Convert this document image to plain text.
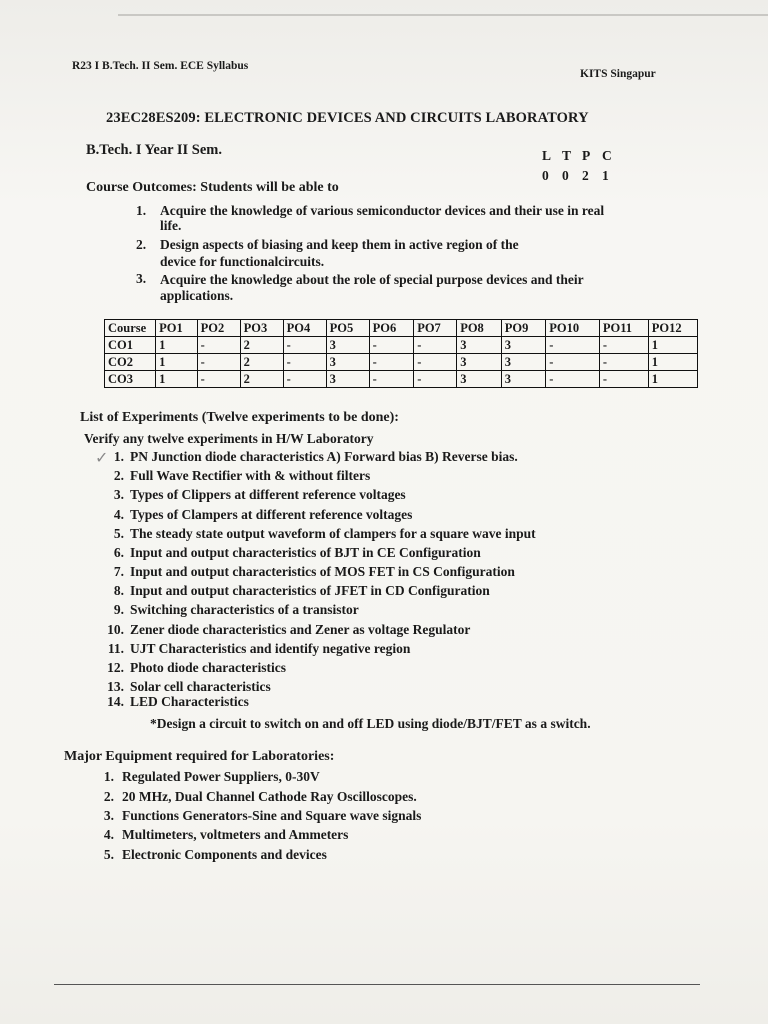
R23 I B.Tech. II Sem. ECE Syllabus
KITS Singapur
23EC28ES209: ELECTRONIC DEVICES AND CIRCUITS LABORATORY
B.Tech. I Year II Sem.	L T P C
0 0 2 1
Course Outcomes: Students will be able to
1. Acquire the knowledge of various semiconductor devices and their use in real
life.
2. Design aspects of biasing and keep them in active region of the
device for functionalcircuits.
3. Acquire the knowledge about the role of special purpose devices and their
applications.
Course	PO1	PO2	PO3	PO4	PO5	PO6	PO7	PO8	PO9	PO10	PO11	PO12
CO1	1	-	2	-	3	-	-	3	3	-	-	1
CO2	1	-	2	-	3	-	-	3	3	-	-	1
CO3	1	-	2	-	3	-	-	3	3	-	-	1
List of Experiments (Twelve experiments to be done):
Verify any twelve experiments in H/W Laboratory
✓ 1. PN Junction diode characteristics A) Forward bias B) Reverse bias.
2. Full Wave Rectifier with & without filters
3. Types of Clippers at different reference voltages
4. Types of Clampers at different reference voltages
5. The steady state output waveform of clampers for a square wave input
6. Input and output characteristics of BJT in CE Configuration
7. Input and output characteristics of MOS FET in CS Configuration
8. Input and output characteristics of JFET in CD Configuration
9. Switching characteristics of a transistor
10. Zener diode characteristics and Zener as voltage Regulator
11. UJT Characteristics and identify negative region
12. Photo diode characteristics
13. Solar cell characteristics
14. LED Characteristics
*Design a circuit to switch on and off LED using diode/BJT/FET as a switch.
Major Equipment required for Laboratories:
1. Regulated Power Suppliers, 0-30V
2. 20 MHz, Dual Channel Cathode Ray Oscilloscopes.
3. Functions Generators-Sine and Square wave signals
4. Multimeters, voltmeters and Ammeters
5. Electronic Components and devices
